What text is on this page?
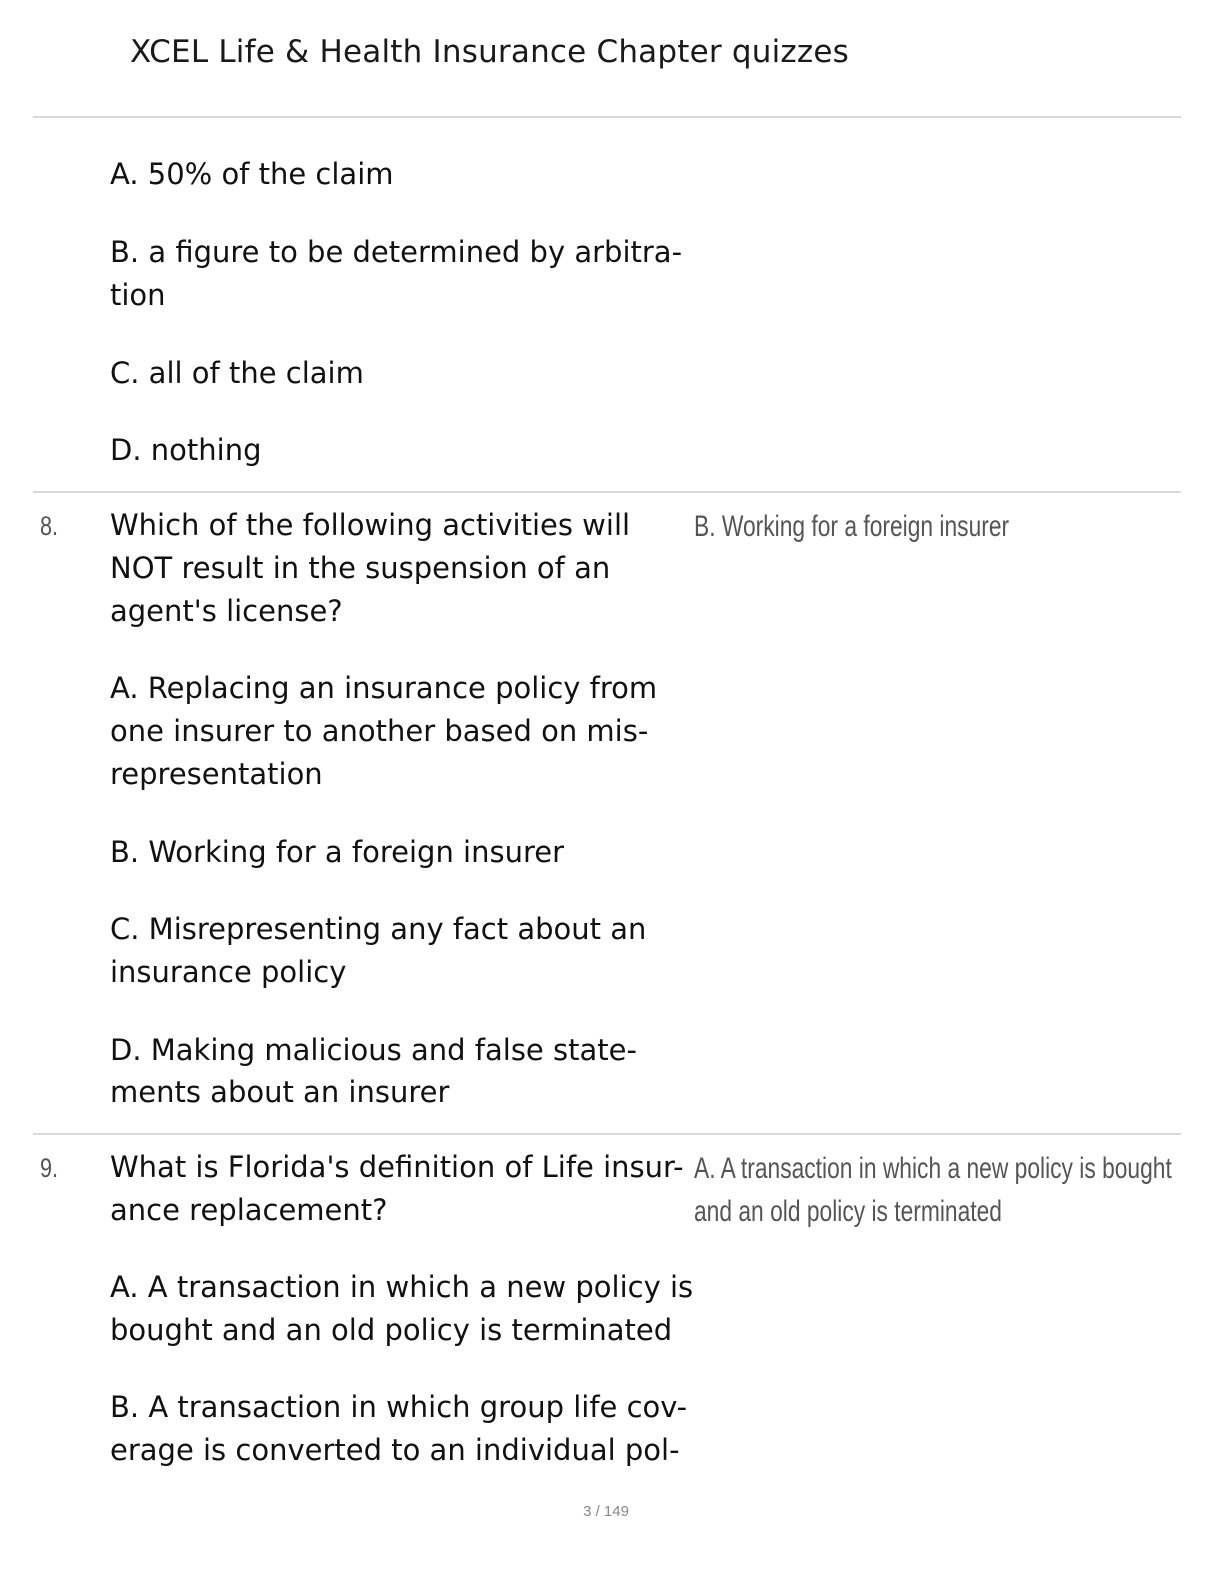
XCEL Life & Health Insurance Chapter quizzes

A. 50% of the claim

B. a figure to be determined by arbitra-

tion

C. all of the claim

D. nothing

8. Which of the following activities will

NOT result in the suspension of an

agent's license?

B. Working for a foreign insurer

A. Replacing an insurance policy from

one insurer to another based on mis-

representation

B. Working for a foreign insurer

C. Misrepresenting any fact about an

insurance policy

D. Making malicious and false state-

ments about an insurer

9. What is Florida's definition of Life insur-

ance replacement?

A. A transaction in which a new policy is bought

and an old policy is terminated

A. A transaction in which a new policy is

bought and an old policy is terminated

B. A transaction in which group life cov-

erage is converted to an individual pol-

3 / 149
